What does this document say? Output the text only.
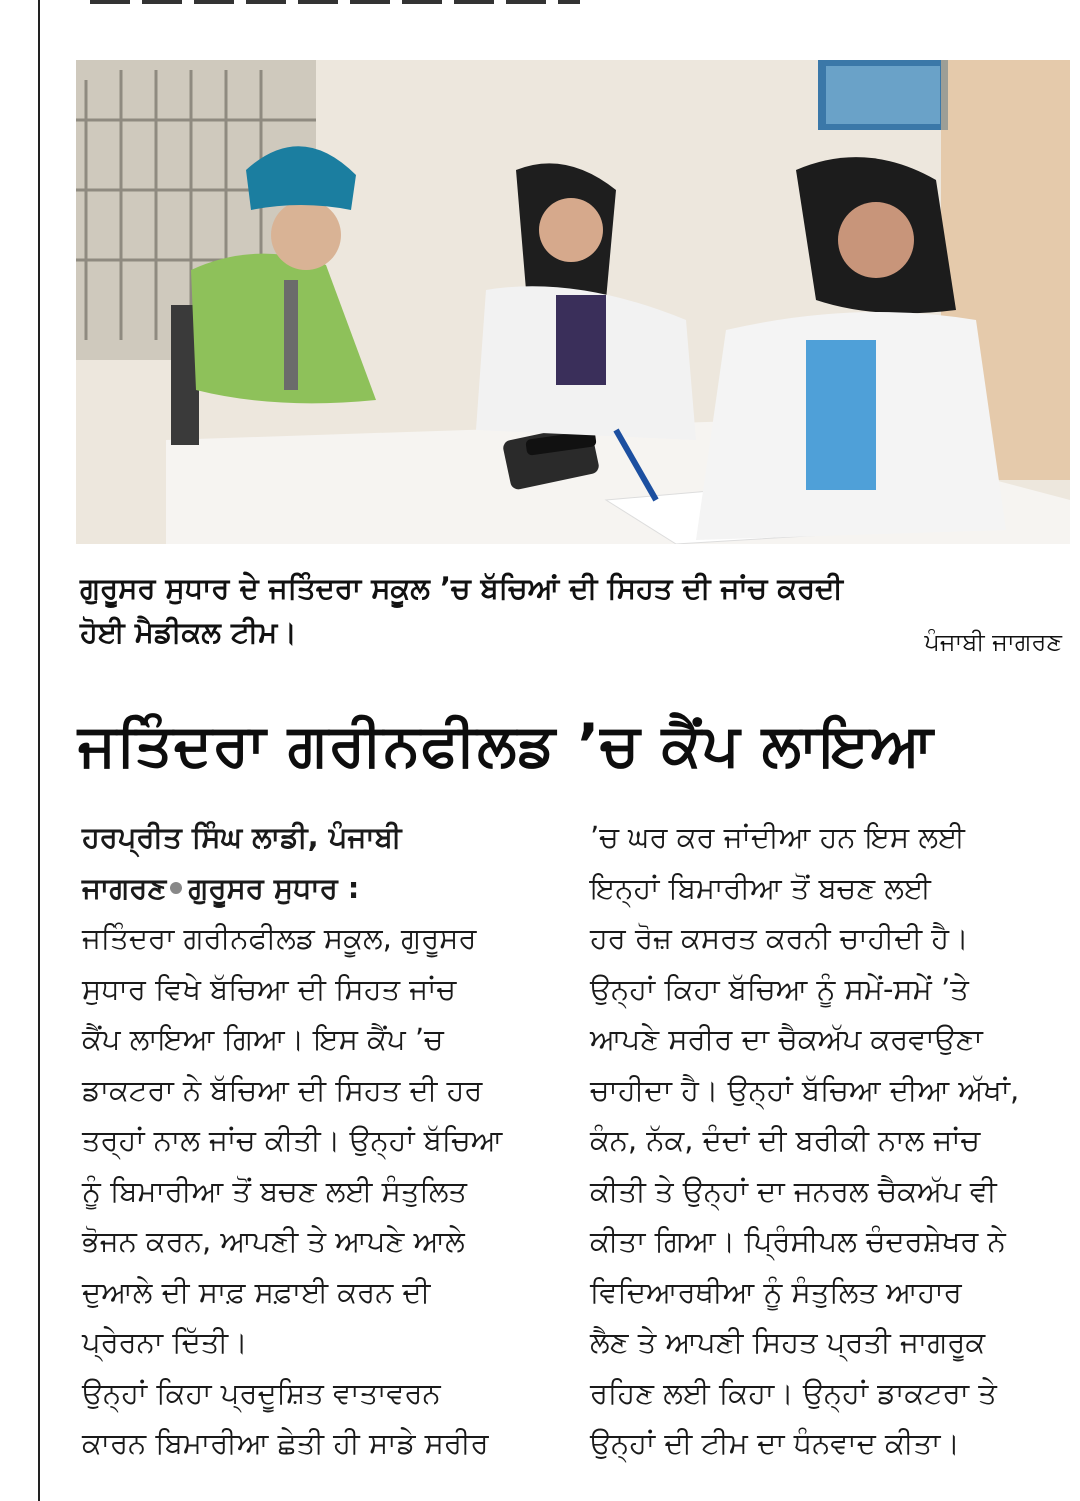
ਗੁਰੂਸਰ ਸੁਧਾਰ ਦੇ ਜਤਿੰਦਰਾ ਸਕੂਲ ’ਚ ਬੱਚਿਆਂ ਦੀ ਸਿਹਤ ਦੀ ਜਾਂਚ ਕਰਦੀ
ਹੋਈ ਮੈਡੀਕਲ ਟੀਮ।	ਪੰਜਾਬੀ ਜਾਗਰਣ
ਜਤਿੰਦਰਾ ਗਰੀਨਫੀਲਡ ’ਚ ਕੈਂਪ ਲਾਇਆ
ਹਰਪ੍ਰੀਤ ਸਿੰਘ ਲਾਡੀ, ਪੰਜਾਬੀ
ਜਾਗਰਣ ਗੁਰੂਸਰ ਸੁਧਾਰ :
ਜਤਿੰਦਰਾ ਗਰੀਨਫੀਲਡ ਸਕੂਲ, ਗੁਰੂਸਰ
ਸੁਧਾਰ ਵਿਖੇ ਬੱਚਿਆ ਦੀ ਸਿਹਤ ਜਾਂਚ
ਕੈਂਪ ਲਾਇਆ ਗਿਆ। ਇਸ ਕੈਂਪ ’ਚ
ਡਾਕਟਰਾ ਨੇ ਬੱਚਿਆ ਦੀ ਸਿਹਤ ਦੀ ਹਰ
ਤਰ੍ਹਾਂ ਨਾਲ ਜਾਂਚ ਕੀਤੀ। ਉਨ੍ਹਾਂ ਬੱਚਿਆ
ਨੂੰ ਬਿਮਾਰੀਆ ਤੋਂ ਬਚਣ ਲਈ ਸੰਤੁਲਿਤ
ਭੋਜਨ ਕਰਨ, ਆਪਣੀ ਤੇ ਆਪਣੇ ਆਲੇ
ਦੁਆਲੇ ਦੀ ਸਾਫ਼ ਸਫ਼ਾਈ ਕਰਨ ਦੀ
ਪ੍ਰੇਰਨਾ ਦਿੱਤੀ।
ਉਨ੍ਹਾਂ ਕਿਹਾ ਪ੍ਰਦੂਸ਼ਿਤ ਵਾਤਾਵਰਨ
ਕਾਰਨ ਬਿਮਾਰੀਆ ਛੇਤੀ ਹੀ ਸਾਡੇ ਸਰੀਰ
’ਚ ਘਰ ਕਰ ਜਾਂਦੀਆ ਹਨ ਇਸ ਲਈ
ਇਨ੍ਹਾਂ ਬਿਮਾਰੀਆ ਤੋਂ ਬਚਣ ਲਈ
ਹਰ ਰੋਜ਼ ਕਸਰਤ ਕਰਨੀ ਚਾਹੀਦੀ ਹੈ।
ਉਨ੍ਹਾਂ ਕਿਹਾ ਬੱਚਿਆ ਨੂੰ ਸਮੇਂ-ਸਮੇਂ ’ਤੇ
ਆਪਣੇ ਸਰੀਰ ਦਾ ਚੈਕਅੱਪ ਕਰਵਾਉਣਾ
ਚਾਹੀਦਾ ਹੈ। ਉਨ੍ਹਾਂ ਬੱਚਿਆ ਦੀਆ ਅੱਖਾਂ,
ਕੰਨ, ਨੱਕ, ਦੰਦਾਂ ਦੀ ਬਰੀਕੀ ਨਾਲ ਜਾਂਚ
ਕੀਤੀ ਤੇ ਉਨ੍ਹਾਂ ਦਾ ਜਨਰਲ ਚੈਕਅੱਪ ਵੀ
ਕੀਤਾ ਗਿਆ। ਪ੍ਰਿੰਸੀਪਲ ਚੰਦਰਸ਼ੇਖਰ ਨੇ
ਵਿਦਿਆਰਥੀਆ ਨੂੰ ਸੰਤੁਲਿਤ ਆਹਾਰ
ਲੈਣ ਤੇ ਆਪਣੀ ਸਿਹਤ ਪ੍ਰਤੀ ਜਾਗਰੂਕ
ਰਹਿਣ ਲਈ ਕਿਹਾ। ਉਨ੍ਹਾਂ ਡਾਕਟਰਾ ਤੇ
ਉਨ੍ਹਾਂ ਦੀ ਟੀਮ ਦਾ ਧੰਨਵਾਦ ਕੀਤਾ।
